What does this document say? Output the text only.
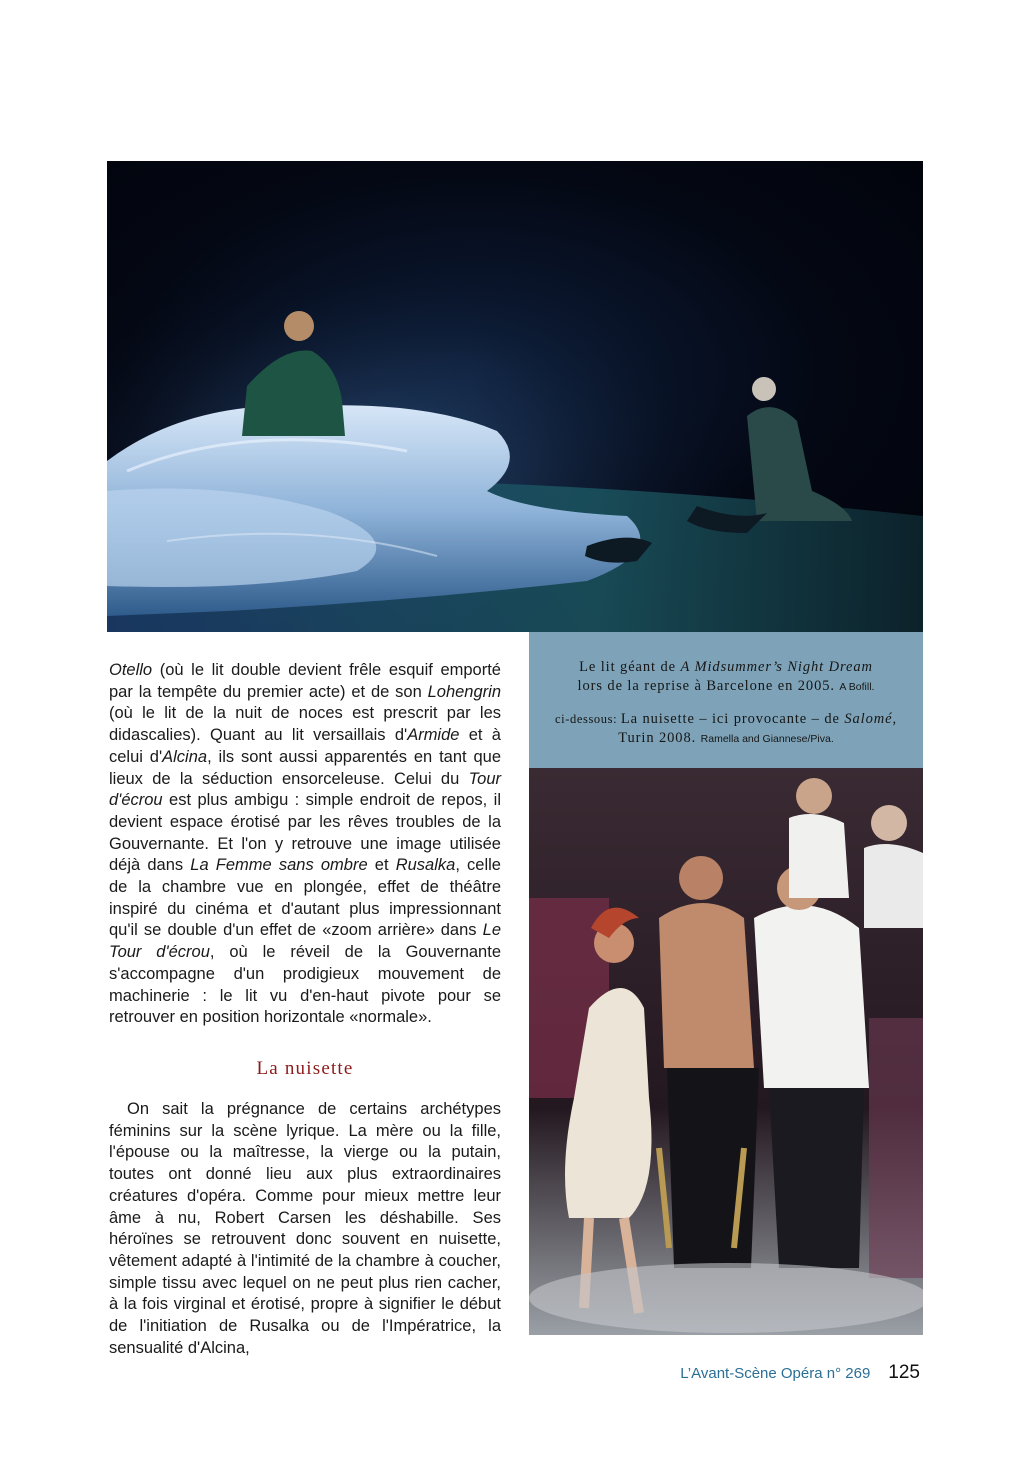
Le lit géant de A Midsummer’s Night Dream

lors de la reprise à Barcelone en 2005. A Bofill.

ci-dessous: La nuisette – ici provocante – de Salomé,

Turin 2008. Ramella and Giannese/Piva.

Otello (où le lit double devient frêle esquif emporté par la tempête du premier acte) et de son Lohengrin (où le lit de la nuit de noces est prescrit par les didascalies). Quant au lit versaillais d'Armide et à celui d'Alcina, ils sont aussi apparentés en tant que lieux de la séduction ensorceleuse. Celui du Tour d'écrou est plus ambigu : simple endroit de repos, il devient espace érotisé par les rêves troubles de la Gouvernante. Et l'on y retrouve une image utilisée déjà dans La Femme sans ombre et Rusalka, celle de la chambre vue en plongée, effet de théâtre inspiré du cinéma et d'autant plus impressionnant qu'il se double d'un effet de «zoom arrière» dans Le Tour d'écrou, où le réveil de la Gouvernante s'accompagne d'un prodigieux mouvement de machinerie : le lit vu d'en-haut pivote pour se retrouver en position horizontale «normale».

La nuisette

On sait la prégnance de certains archétypes féminins sur la scène lyrique. La mère ou la fille, l'épouse ou la maîtresse, la vierge ou la putain, toutes ont donné lieu aux plus extraordinaires créatures d'opéra. Comme pour mieux mettre leur âme à nu, Robert Carsen les déshabille. Ses héroïnes se retrouvent donc souvent en nuisette, vêtement adapté à l'intimité de la chambre à coucher, simple tissu avec lequel on ne peut plus rien cacher, à la fois virginal et érotisé, propre à signifier le début de l'initiation de Rusalka ou de l'Impératrice, la sensualité d'Alcina,

L’Avant-Scène Opéra n° 269 125
